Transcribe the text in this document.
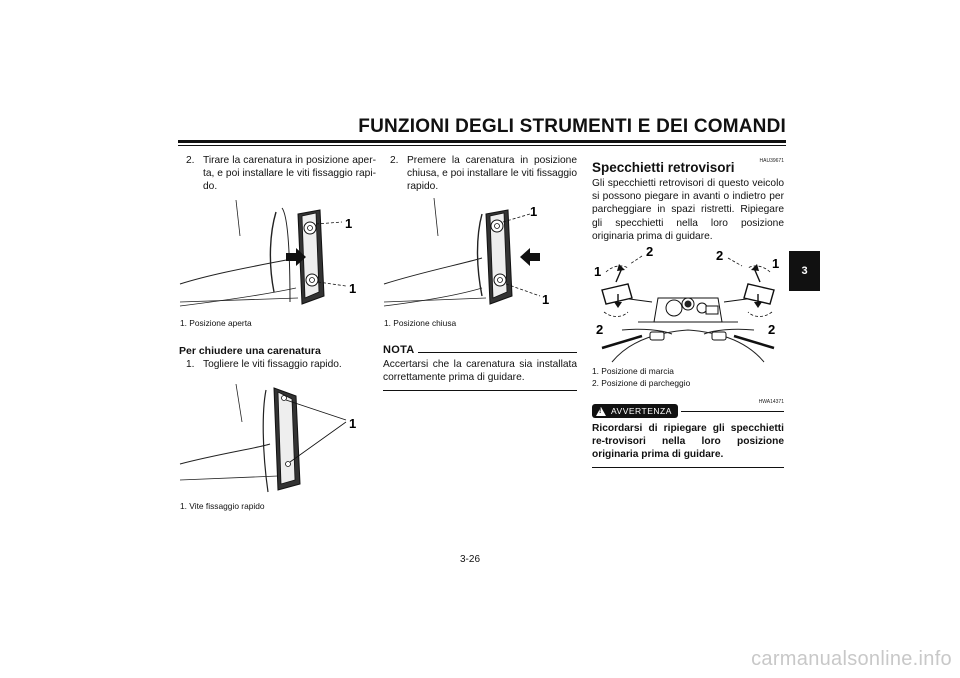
FUNZIONI DEGLI STRUMENTI E DEI COMANDI
3
2. Tirare la carenatura in posizione aper-ta, e poi installare le viti fissaggio rapi-do.
1
1
1. Posizione aperta
Per chiudere una carenatura
1. Togliere le viti fissaggio rapido.
1
1. Vite fissaggio rapido
2. Premere la carenatura in posizione chiusa, e poi installare le viti fissaggio rapido.
1
1
1. Posizione chiusa
NOTA
Accertarsi che la carenatura sia installata correttamente prima di guidare.
HAU39671
Specchietti retrovisori
Gli specchietti retrovisori di questo veicolo si possono piegare in avanti o indietro per parcheggiare in spazi ristretti. Ripiegare gli specchietti nella loro posizione originaria prima di guidare.
2	2
1
1
2	2
1. Posizione di marcia
2. Posizione di parcheggio
HWA14371
! AVVERTENZA
Ricordarsi di ripiegare gli specchietti re-trovisori nella loro posizione originaria prima di guidare.
3-26
carmanualsonline.info
